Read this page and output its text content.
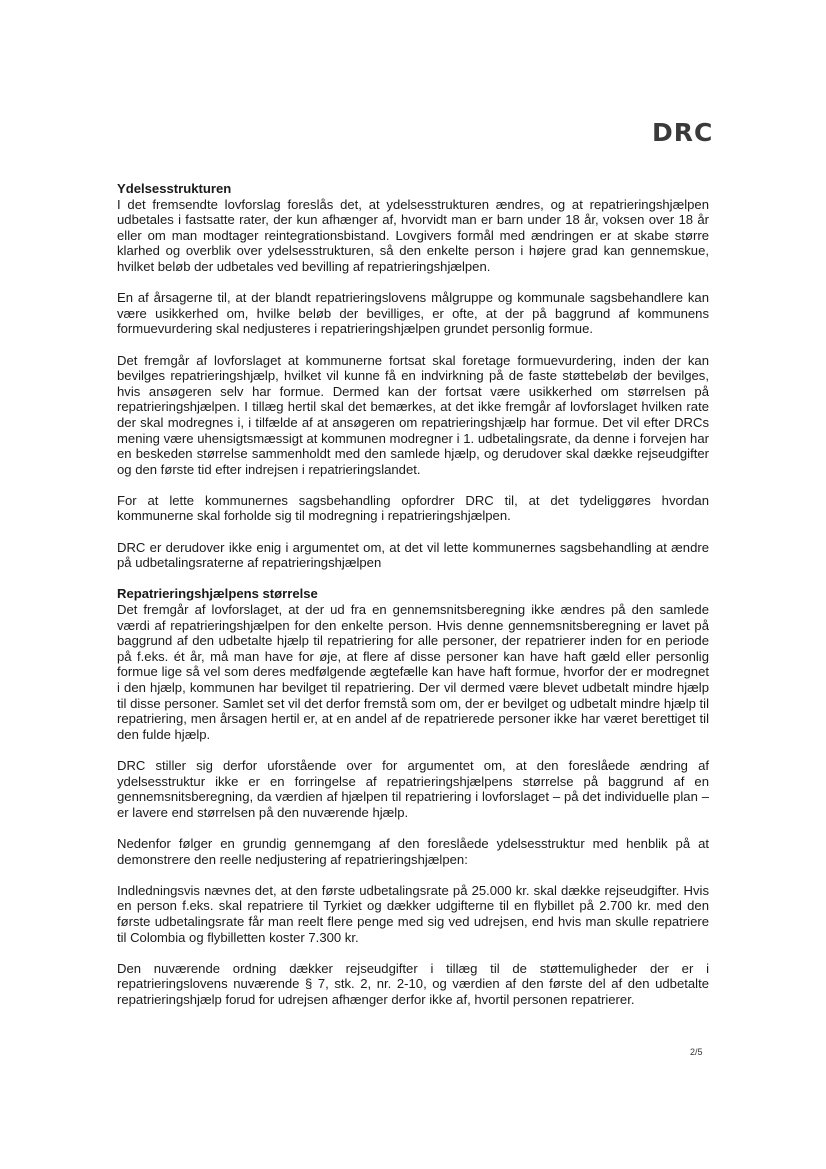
DRC
Ydelsesstrukturen

I det fremsendte lovforslag foreslås det, at ydelsesstrukturen ændres, og at repatrieringshjælpen udbetales i fastsatte rater, der kun afhænger af, hvorvidt man er barn under 18 år, voksen over 18 år eller om man modtager reintegrationsbistand. Lovgivers formål med ændringen er at skabe større klarhed og overblik over ydelsesstrukturen, så den enkelte person i højere grad kan gennemskue, hvilket beløb der udbetales ved bevilling af repatrieringshjælpen.

En af årsagerne til, at der blandt repatrieringslovens målgruppe og kommunale sagsbehandlere kan være usikkerhed om, hvilke beløb der bevilliges, er ofte, at der på baggrund af kommunens formuevurdering skal nedjusteres i repatrieringshjælpen grundet personlig formue.

Det fremgår af lovforslaget at kommunerne fortsat skal foretage formuevurdering, inden der kan bevilges repatrieringshjælp, hvilket vil kunne få en indvirkning på de faste støttebeløb der bevilges, hvis ansøgeren selv har formue. Dermed kan der fortsat være usikkerhed om størrelsen på repatrieringshjælpen. I tillæg hertil skal det bemærkes, at det ikke fremgår af lovforslaget hvilken rate der skal modregnes i, i tilfælde af at ansøgeren om repatrieringshjælp har formue. Det vil efter DRCs mening være uhensigtsmæssigt at kommunen modregner i 1. udbetalingsrate, da denne i forvejen har en beskeden størrelse sammenholdt med den samlede hjælp, og derudover skal dække rejseudgifter og den første tid efter indrejsen i repatrieringslandet.

For at lette kommunernes sagsbehandling opfordrer DRC til, at det tydeliggøres hvordan kommunerne skal forholde sig til modregning i repatrieringshjælpen.

DRC er derudover ikke enig i argumentet om, at det vil lette kommunernes sagsbehandling at ændre på udbetalingsraterne af repatrieringshjælpen

Repatrieringshjælpens størrelse

Det fremgår af lovforslaget, at der ud fra en gennemsnitsberegning ikke ændres på den samlede værdi af repatrieringshjælpen for den enkelte person. Hvis denne gennemsnitsberegning er lavet på baggrund af den udbetalte hjælp til repatriering for alle personer, der repatrierer inden for en periode på f.eks. ét år, må man have for øje, at flere af disse personer kan have haft gæld eller personlig formue lige så vel som deres medfølgende ægtefælle kan have haft formue, hvorfor der er modregnet i den hjælp, kommunen har bevilget til repatriering. Der vil dermed være blevet udbetalt mindre hjælp til disse personer. Samlet set vil det derfor fremstå som om, der er bevilget og udbetalt mindre hjælp til repatriering, men årsagen hertil er, at en andel af de repatrierede personer ikke har været berettiget til den fulde hjælp.

DRC stiller sig derfor uforstående over for argumentet om, at den foreslåede ændring af ydelsesstruktur ikke er en forringelse af repatrieringshjælpens størrelse på baggrund af en gennemsnitsberegning, da værdien af hjælpen til repatriering i lovforslaget – på det individuelle plan – er lavere end størrelsen på den nuværende hjælp.

Nedenfor følger en grundig gennemgang af den foreslåede ydelsesstruktur med henblik på at demonstrere den reelle nedjustering af repatrieringshjælpen:

Indledningsvis nævnes det, at den første udbetalingsrate på 25.000 kr. skal dække rejseudgifter. Hvis en person f.eks. skal repatriere til Tyrkiet og dækker udgifterne til en flybillet på 2.700 kr. med den første udbetalingsrate får man reelt flere penge med sig ved udrejsen, end hvis man skulle repatriere til Colombia og flybilletten koster 7.300 kr.

Den nuværende ordning dækker rejseudgifter i tillæg til de støttemuligheder der er i repatrieringslovens nuværende § 7, stk. 2, nr. 2-10, og værdien af den første del af den udbetalte repatrieringshjælp forud for udrejsen afhænger derfor ikke af, hvortil personen repatrierer.

2/5
